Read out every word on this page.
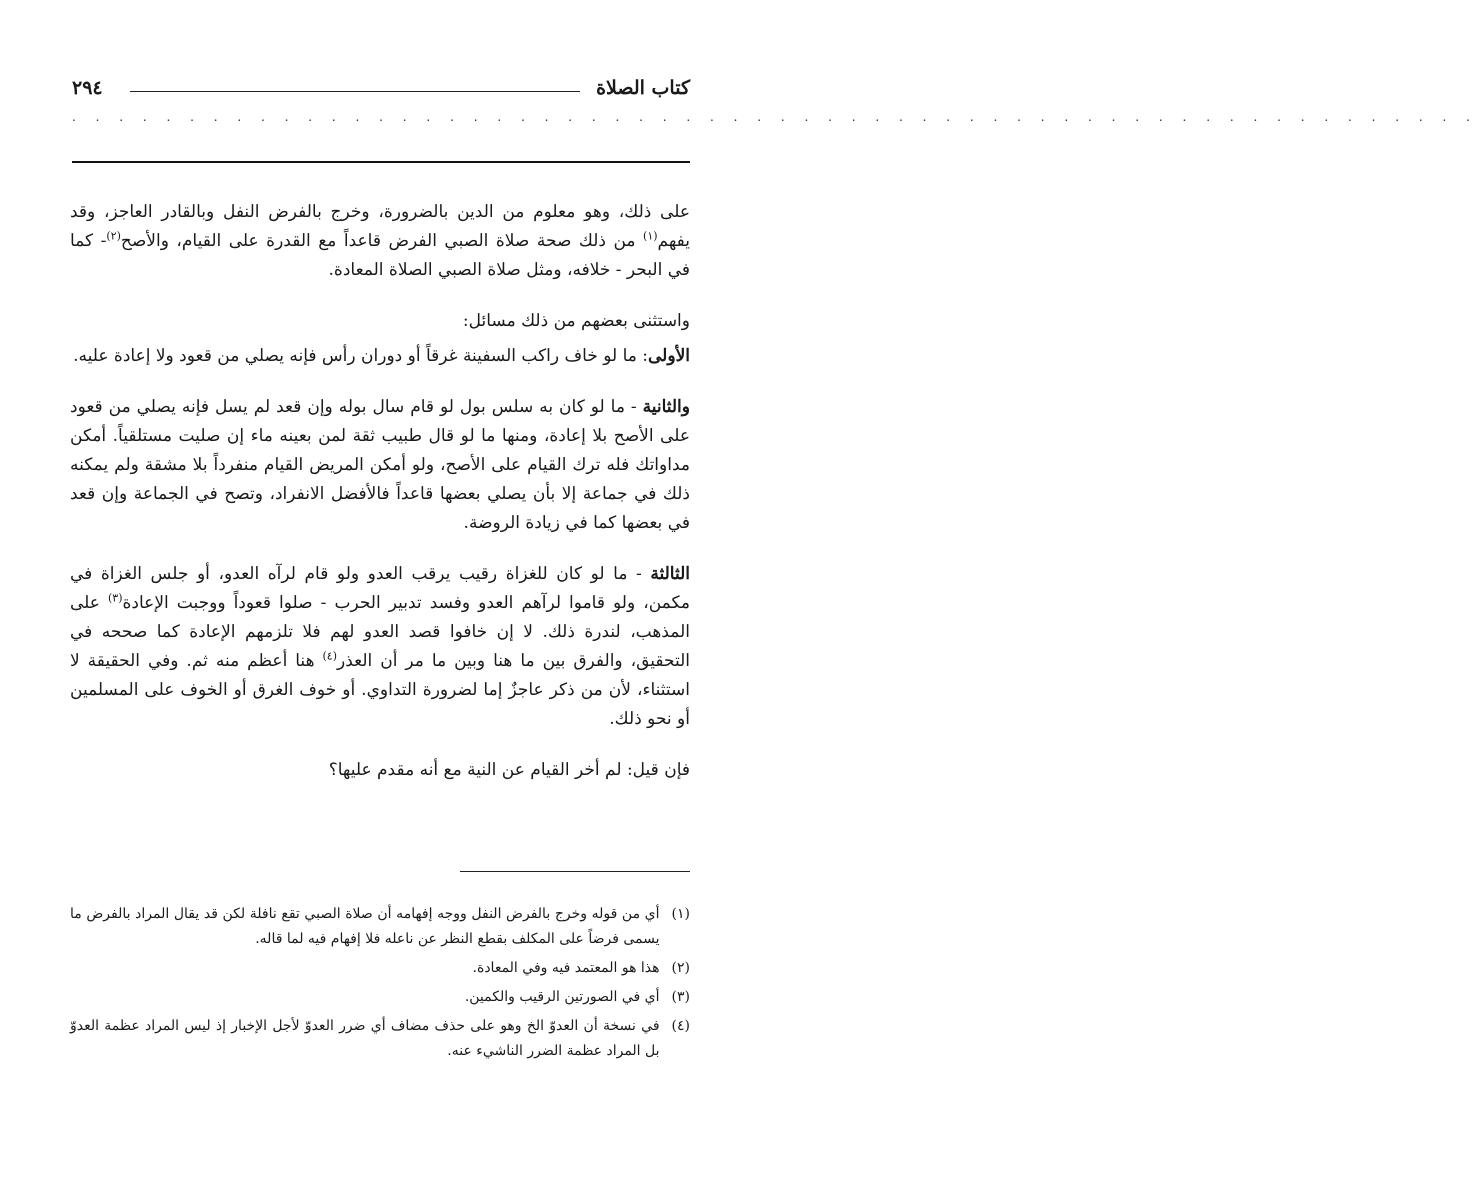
كتاب الصلاة
٢٩٤
. . . . . . . . . . . . . . . . . . . . . . . . . . . . . . . . . . . . . . . . . . . . . . . . . . . . . . . . . . . .

على ذلك، وهو معلوم من الدين بالضرورة، وخرج بالفرض النفل وبالقادر العاجز، وقد يفهم$^{(١)}$ من ذلك صحة صلاة الصبي الفرض قاعداً مع القدرة على القيام، والأصح$^{(٢)}$- كما في البحر - خلافه، ومثل صلاة الصبي الصلاة المعادة.

واستثنى بعضهم من ذلك مسائل:

الأولى: ما لو خاف راكب السفينة غرقاً أو دوران رأس فإنه يصلي من قعود ولا إعادة عليه.

والثانية - ما لو كان به سلس بول لو قام سال بوله وإن قعد لم يسل فإنه يصلي من قعود على الأصح بلا إعادة، ومنها ما لو قال طبيب ثقة لمن بعينه ماء إن صليت مستلقياً. أمكن مداواتك فله ترك القيام على الأصح، ولو أمكن المريض القيام منفرداً بلا مشقة ولم يمكنه ذلك في جماعة إلا بأن يصلي بعضها قاعداً فالأفضل الانفراد، وتصح في الجماعة وإن قعد في بعضها كما في زيادة الروضة.

الثالثة - ما لو كان للغزاة رقيب يرقب العدو ولو قام لرآه العدو، أو جلس الغزاة في مكمن، ولو قاموا لرآهم العدو وفسد تدبير الحرب - صلوا قعوداً ووجبت الإعادة$^{(٣)}$ على المذهب، لندرة ذلك. لا إن خافوا قصد العدو لهم فلا تلزمهم الإعادة كما صححه في التحقيق، والفرق بين ما هنا وبين ما مر أن العذر$^{(٤)}$ هنا أعظم منه ثم. وفي الحقيقة لا استثناء، لأن من ذكر عاجزٌ إما لضرورة التداوي. أو خوف الغرق أو الخوف على المسلمين أو نحو ذلك.

فإن قيل: لم أخر القيام عن النية مع أنه مقدم عليها؟

(١)
أي من قوله وخرج بالفرض النفل ووجه إفهامه أن صلاة الصبي تقع نافلة لكن قد يقال المراد بالفرض ما يسمى فرضاً على المكلف بقطع النظر عن ناعله فلا إفهام فيه لما قاله.
(٢)
هذا هو المعتمد فيه وفي المعادة.
(٣)
أي في الصورتين الرقيب والكمين.
(٤)
في نسخة أن العدوّ الخ وهو على حذف مضاف أي ضرر العدوّ لأجل الإخبار إذ ليس المراد عظمة العدوّ بل المراد عظمة الضرر الناشيء عنه.
